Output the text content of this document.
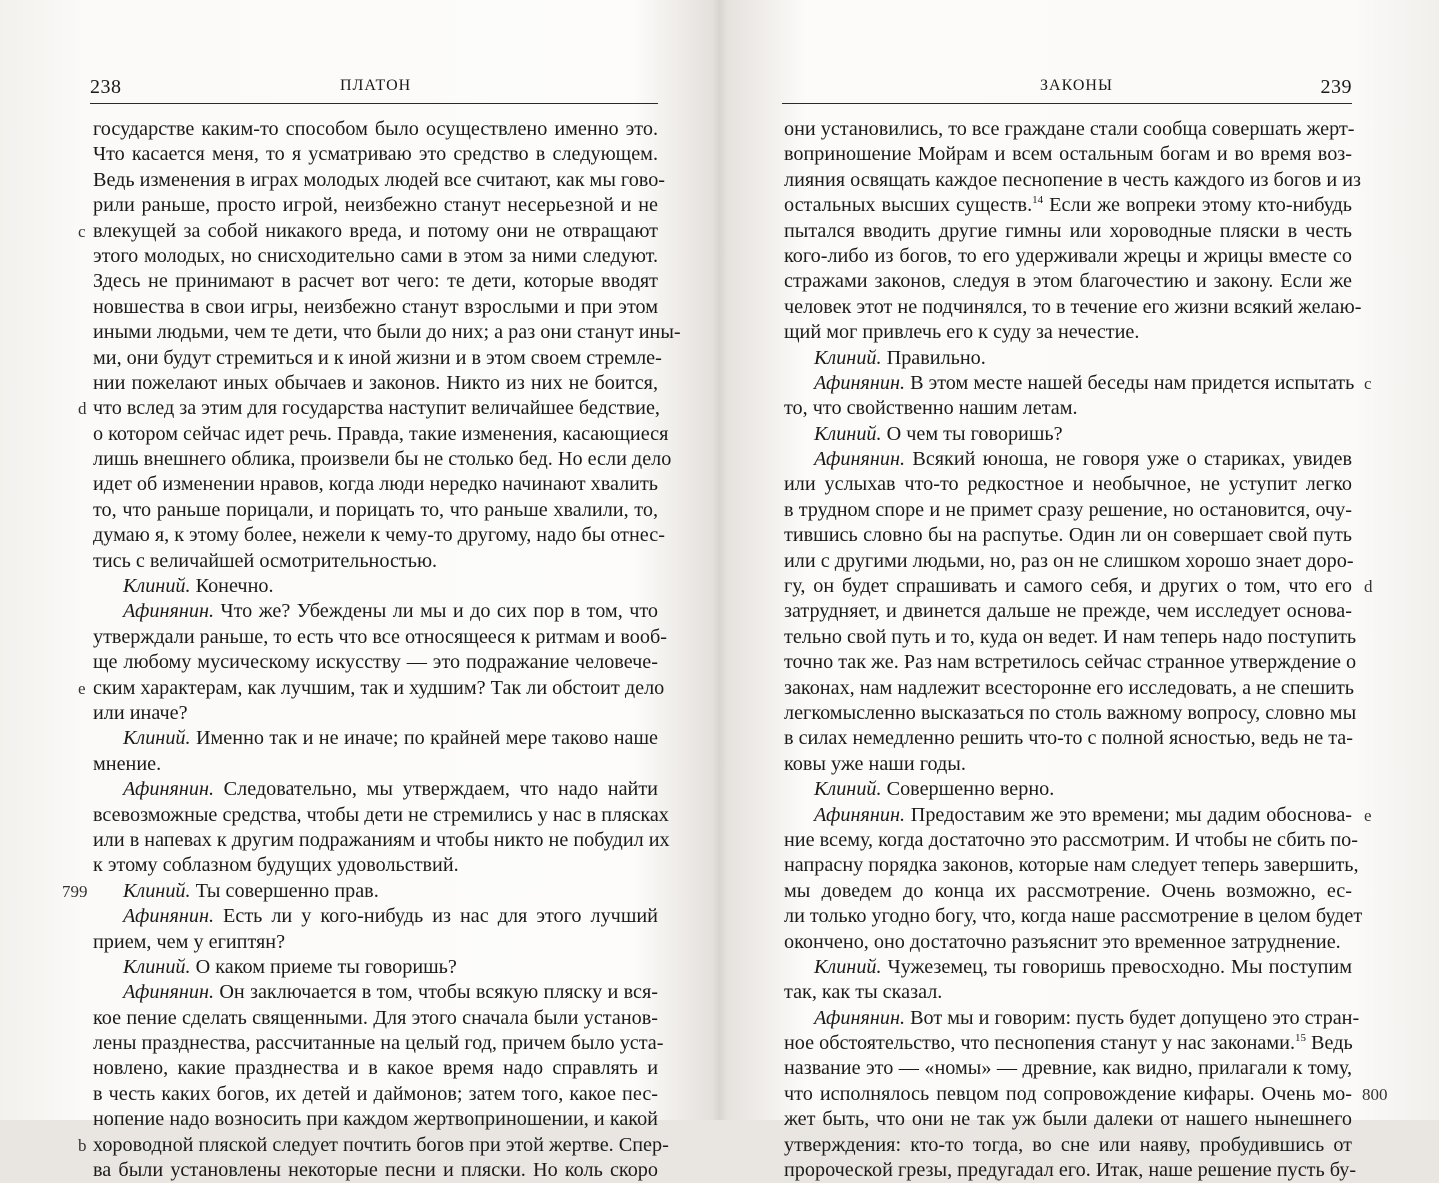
238	ПЛАТОН
государстве каким-то способом было осуществлено именно это.
Что касается меня, то я усматриваю это средство в следующем.
Ведь изменения в играх молодых людей все считают, как мы гово-
рили раньше, просто игрой, неизбежно станут несерьезной и не
влекущей за собой никакого вреда, и потому они не отвращают
этого молодых, но снисходительно сами в этом за ними следуют.
Здесь не принимают в расчет вот чего: те дети, которые вводят
новшества в свои игры, неизбежно станут взрослыми и при этом
иными людьми, чем те дети, что были до них; а раз они станут ины-
ми, они будут стремиться и к иной жизни и в этом своем стремле-
нии пожелают иных обычаев и законов. Никто из них не боится,
что вслед за этим для государства наступит величайшее бедствие,
о котором сейчас идет речь. Правда, такие изменения, касающиеся
лишь внешнего облика, произвели бы не столько бед. Но если дело
идет об изменении нравов, когда люди нередко начинают хвалить
то, что раньше порицали, и порицать то, что раньше хвалили, то,
думаю я, к этому более, нежели к чему-то другому, надо бы отнес-
тись с величайшей осмотрительностью.
Клиний. Конечно.
Афинянин. Что же? Убеждены ли мы и до сих пор в том, что
утверждали раньше, то есть что все относящееся к ритмам и вооб-
ще любому мусическому искусству — это подражание человече-
ским характерам, как лучшим, так и худшим? Так ли обстоит дело
или иначе?
Клиний. Именно так и не иначе; по крайней мере таково наше
мнение.
Афинянин. Следовательно, мы утверждаем, что надо найти
всевозможные средства, чтобы дети не стремились у нас в плясках
или в напевах к другим подражаниям и чтобы никто не побудил их
к этому соблазном будущих удовольствий.
Клиний. Ты совершенно прав.
Афинянин. Есть ли у кого-нибудь из нас для этого лучший
прием, чем у египтян?
Клиний. О каком приеме ты говоришь?
Афинянин. Он заключается в том, чтобы всякую пляску и вся-
кое пение сделать священными. Для этого сначала были установ-
лены празднества, рассчитанные на целый год, причем было уста-
новлено, какие празднества и в какое время надо справлять и
в честь каких богов, их детей и даймонов; затем того, какое пес-
нопение надо возносить при каждом жертвоприношении, и какой
хороводной пляской следует почтить богов при этой жертве. Спер-
ва были установлены некоторые песни и пляски. Но коль скоро
c
d
e
799
b
ЗАКОНЫ	239
они установились, то все граждане стали сообща совершать жерт-
воприношение Мойрам и всем остальным богам и во время воз-
лияния освящать каждое песнопение в честь каждого из богов и из
остальных высших существ.$^{14}$ Если же вопреки этому кто-нибудь
пытался вводить другие гимны или хороводные пляски в честь
кого-либо из богов, то его удерживали жрецы и жрицы вместе со
стражами законов, следуя в этом благочестию и закону. Если же
человек этот не подчинялся, то в течение его жизни всякий желаю-
щий мог привлечь его к суду за нечестие.
Клиний. Правильно.
Афинянин. В этом месте нашей беседы нам придется испытать
то, что свойственно нашим летам.
Клиний. О чем ты говоришь?
Афинянин. Всякий юноша, не говоря уже о стариках, увидев
или услыхав что-то редкостное и необычное, не уступит легко
в трудном споре и не примет сразу решение, но остановится, очу-
тившись словно бы на распутье. Один ли он совершает свой путь
или с другими людьми, но, раз он не слишком хорошо знает доро-
гу, он будет спрашивать и самого себя, и других о том, что его
затрудняет, и двинется дальше не прежде, чем исследует основа-
тельно свой путь и то, куда он ведет. И нам теперь надо поступить
точно так же. Раз нам встретилось сейчас странное утверждение о
законах, нам надлежит всесторонне его исследовать, а не спешить
легкомысленно высказаться по столь важному вопросу, словно мы
в силах немедленно решить что-то с полной ясностью, ведь не та-
ковы уже наши годы.
Клиний. Совершенно верно.
Афинянин. Предоставим же это времени; мы дадим обоснова-
ние всему, когда достаточно это рассмотрим. И чтобы не сбить по-
напрасну порядка законов, которые нам следует теперь завершить,
мы доведем до конца их рассмотрение. Очень возможно, ес-
ли только угодно богу, что, когда наше рассмотрение в целом будет
окончено, оно достаточно разъяснит это временное затруднение.
Клиний. Чужеземец, ты говоришь превосходно. Мы поступим
так, как ты сказал.
Афинянин. Вот мы и говорим: пусть будет допущено это стран-
ное обстоятельство, что песнопения станут у нас законами.$^{15}$ Ведь
название это — «номы» — древние, как видно, прилагали к тому,
что исполнялось певцом под сопровождение кифары. Очень мо-
жет быть, что они не так уж были далеки от нашего нынешнего
утверждения: кто-то тогда, во сне или наяву, пробудившись от
пророческой грезы, предугадал его. Итак, наше решение пусть бу-
c
d
e
800
